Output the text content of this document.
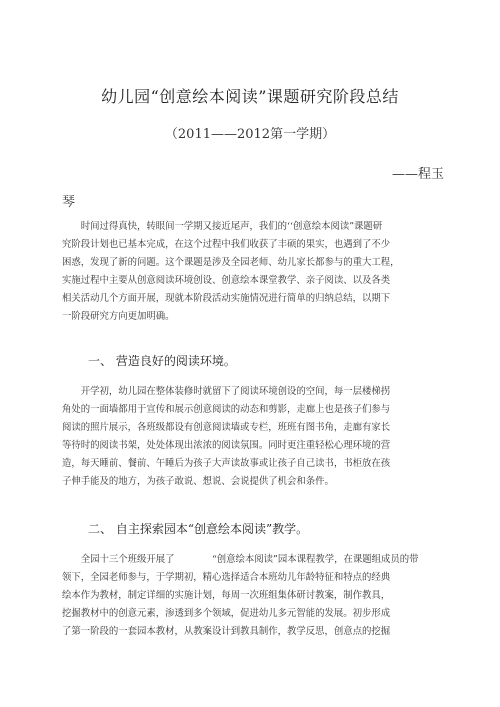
幼儿园“创意绘本阅读”课题研究阶段总结
（2011——2012第一学期）
——程玉
琴
　　时间过得真快，转眼间一学期又接近尾声，我们的‘‘创意绘本阅读”课题研
究阶段计划也已基本完成，在这个过程中我们收获了丰硕的果实，也遇到了不少
困惑，发现了新的问题。这个课题是涉及全园老师、幼儿家长都参与的重大工程，
实施过程中主要从创意阅读环境创设、创意绘本课堂教学、亲子阅读、以及各类
相关活动几个方面开展，现就本阶段活动实施情况进行简单的归纳总结，以期下
一阶段研究方向更加明确。
一、 营造良好的阅读环境。
　　开学初，幼儿园在整体装修时就留下了阅读环境创设的空间，每一层楼梯拐
角处的一面墙都用于宣传和展示创意阅读的动态和剪影，走廊上也是孩子们参与
阅读的照片展示，各班级都设有创意阅读墙或专栏，班班有图书角，走廊有家长
等待时的阅读书架，处处体现出浓浓的阅读氛围。同时更注重轻松心理环境的营
造，每天睡前、餐前、午睡后为孩子大声读故事或让孩子自己读书，书柜放在孩
子伸手能及的地方，为孩子敢说、想说、会说提供了机会和条件。
二、 自主探索园本“创意绘本阅读”教学。
　　全园十三个班级开展了　　　　“创意绘本阅读”园本课程教学，在课题组成员的带
领下，全园老师参与，于学期初，精心选择适合本班幼儿年龄特征和特点的经典
绘本作为教材，制定详细的实施计划，每周一次班组集体研讨教案，制作教具，
挖掘教材中的创意元素，渗透到多个领域，促进幼儿多元智能的发展。初步形成
了第一阶段的一套园本教材，从教案设计到教具制作，教学反思，创意点的挖掘
